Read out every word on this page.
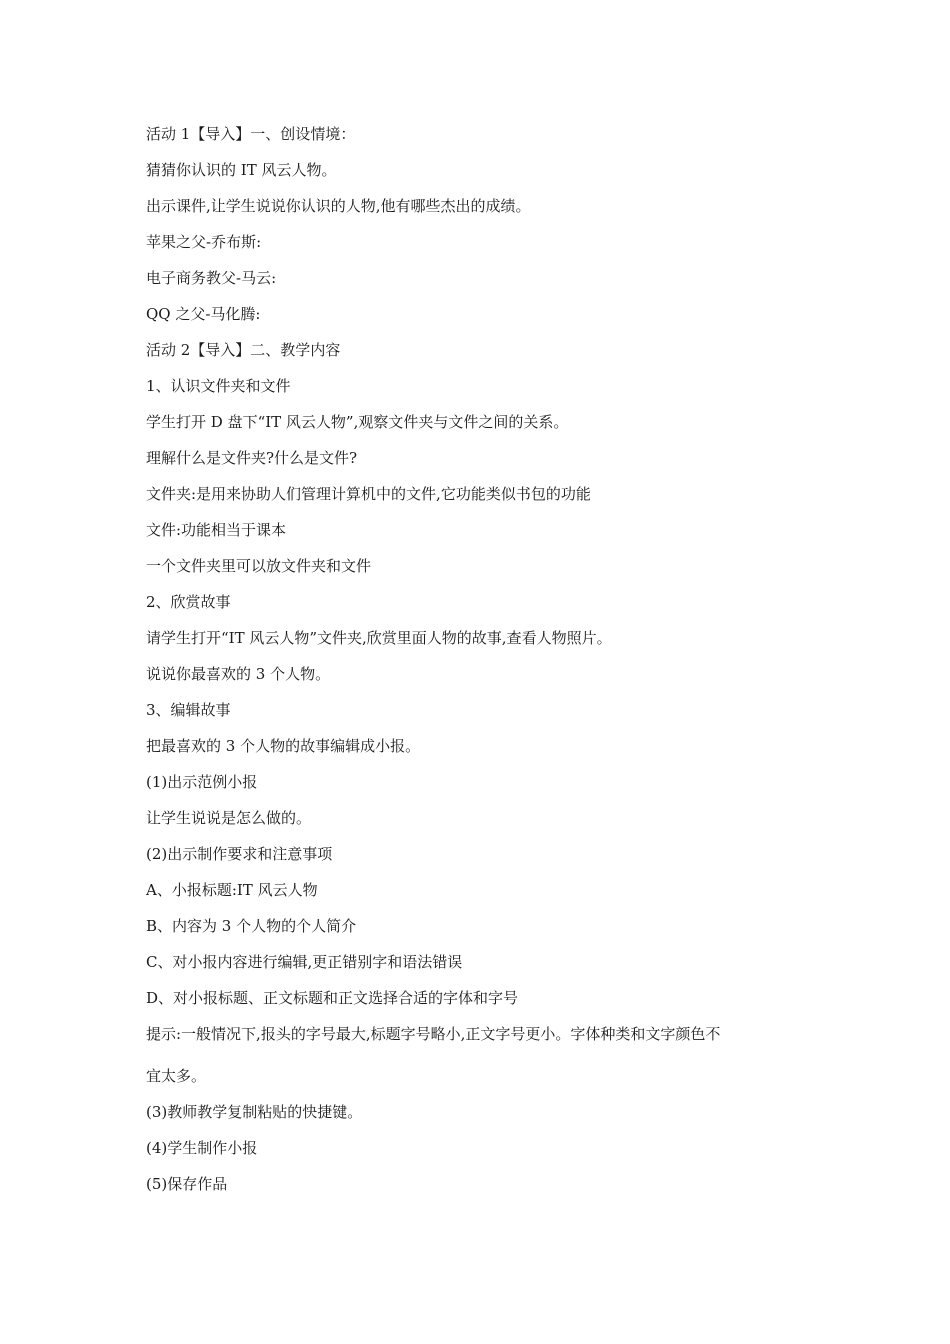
活动 1【导入】一、创设情境：
猜猜你认识的 IT 风云人物。
出示课件,让学生说说你认识的人物,他有哪些杰出的成绩。
苹果之父-乔布斯:
电子商务教父-马云:
QQ 之父-马化腾:
活动 2【导入】二、教学内容
1、认识文件夹和文件
学生打开 D 盘下“IT 风云人物”,观察文件夹与文件之间的关系。
理解什么是文件夹?什么是文件?
文件夹:是用来协助人们管理计算机中的文件,它功能类似书包的功能
文件:功能相当于课本
一个文件夹里可以放文件夹和文件
2、欣赏故事
请学生打开“IT 风云人物”文件夹,欣赏里面人物的故事,查看人物照片。
说说你最喜欢的 3 个人物。
3、编辑故事
把最喜欢的 3 个人物的故事编辑成小报。
(1)出示范例小报
让学生说说是怎么做的。
(2)出示制作要求和注意事项
A、小报标题:IT 风云人物
B、内容为 3 个人物的个人简介
C、对小报内容进行编辑,更正错别字和语法错误
D、对小报标题、正文标题和正文选择合适的字体和字号
提示:一般情况下,报头的字号最大,标题字号略小,正文字号更小。字体种类和文字颜色不
宜太多。
(3)教师教学复制粘贴的快捷键。
(4)学生制作小报
(5)保存作品
